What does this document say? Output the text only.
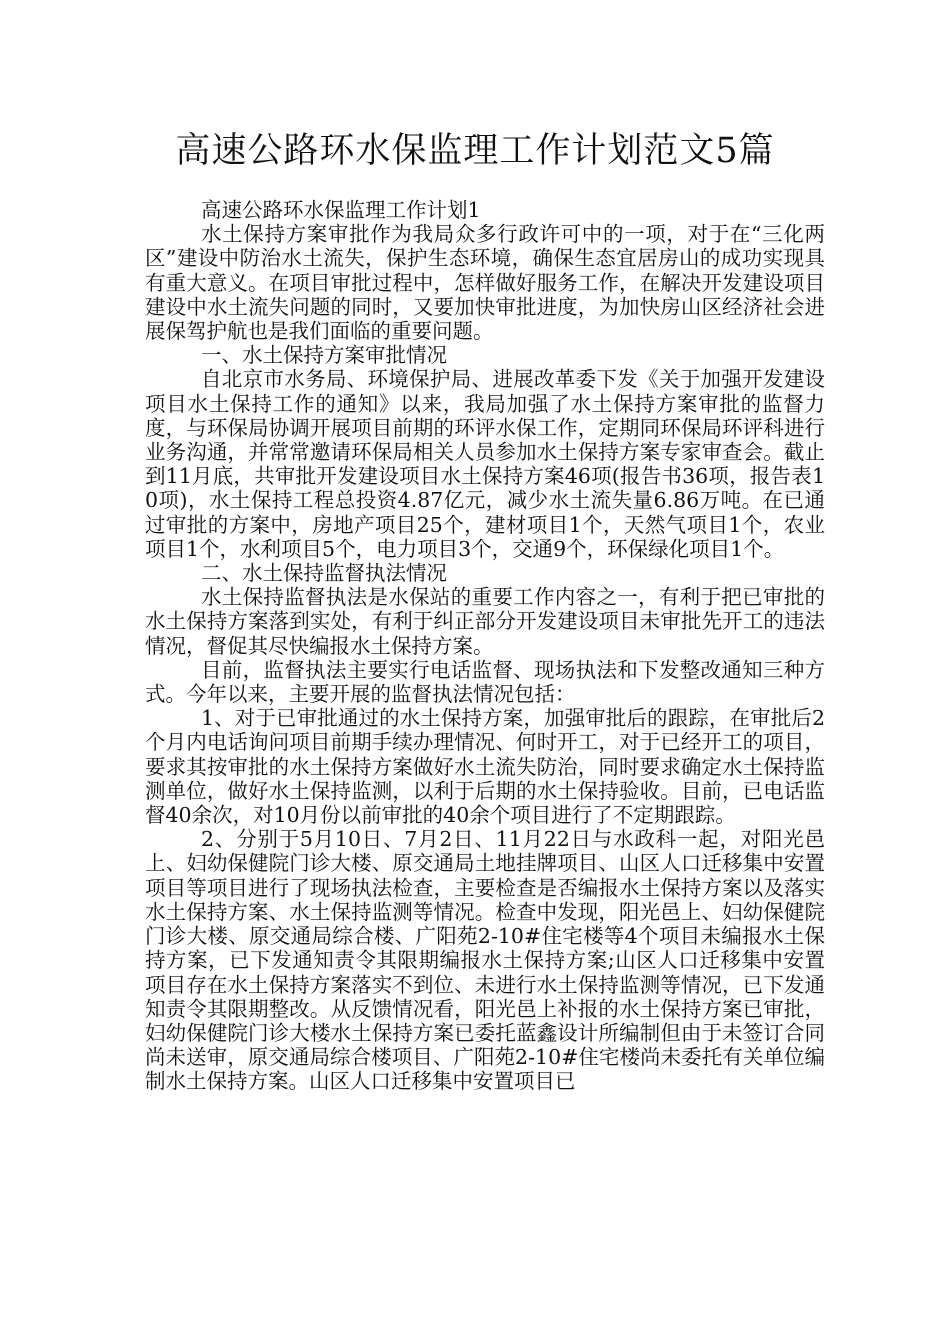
高速公路环水保监理工作计划范文5篇

高速公路环水保监理工作计划1

水土保持方案审批作为我局众多行政许可中的一项，对于在“三化两区”建设中防治水土流失，保护生态环境，确保生态宜居房山的成功实现具有重大意义。在项目审批过程中，怎样做好服务工作，在解决开发建设项目建设中水土流失问题的同时，又要加快审批进度，为加快房山区经济社会进展保驾护航也是我们面临的重要问题。

一、水土保持方案审批情况

自北京市水务局、环境保护局、进展改革委下发《关于加强开发建设项目水土保持工作的通知》以来，我局加强了水土保持方案审批的监督力度，与环保局协调开展项目前期的环评水保工作，定期同环保局环评科进行业务沟通，并常常邀请环保局相关人员参加水土保持方案专家审查会。截止到11月底，共审批开发建设项目水土保持方案46项(报告书36项，报告表10项)，水土保持工程总投资4.87亿元，减少水土流失量6.86万吨。在已通过审批的方案中，房地产项目25个，建材项目1个，天然气项目1个，农业项目1个，水利项目5个，电力项目3个，交通9个，环保绿化项目1个。

二、水土保持监督执法情况

水土保持监督执法是水保站的重要工作内容之一，有利于把已审批的水土保持方案落到实处，有利于纠正部分开发建设项目未审批先开工的违法情况，督促其尽快编报水土保持方案。

目前，监督执法主要实行电话监督、现场执法和下发整改通知三种方式。今年以来，主要开展的监督执法情况包括：

1、对于已审批通过的水土保持方案，加强审批后的跟踪，在审批后2个月内电话询问项目前期手续办理情况、何时开工，对于已经开工的项目，要求其按审批的水土保持方案做好水土流失防治，同时要求确定水土保持监测单位，做好水土保持监测，以利于后期的水土保持验收。目前，已电话监督40余次，对10月份以前审批的40余个项目进行了不定期跟踪。

2、分别于5月10日、7月2日、11月22日与水政科一起，对阳光邑上、妇幼保健院门诊大楼、原交通局土地挂牌项目、山区人口迁移集中安置项目等项目进行了现场执法检查，主要检查是否编报水土保持方案以及落实水土保持方案、水土保持监测等情况。检查中发现，阳光邑上、妇幼保健院门诊大楼、原交通局综合楼、广阳苑2-10#住宅楼等4个项目未编报水土保持方案，已下发通知责令其限期编报水土保持方案;山区人口迁移集中安置项目存在水土保持方案落实不到位、未进行水土保持监测等情况，已下发通知责令其限期整改。从反馈情况看，阳光邑上补报的水土保持方案已审批，妇幼保健院门诊大楼水土保持方案已委托蓝鑫设计所编制但由于未签订合同尚未送审，原交通局综合楼项目、广阳苑2-10#住宅楼尚未委托有关单位编制水土保持方案。山区人口迁移集中安置项目已
